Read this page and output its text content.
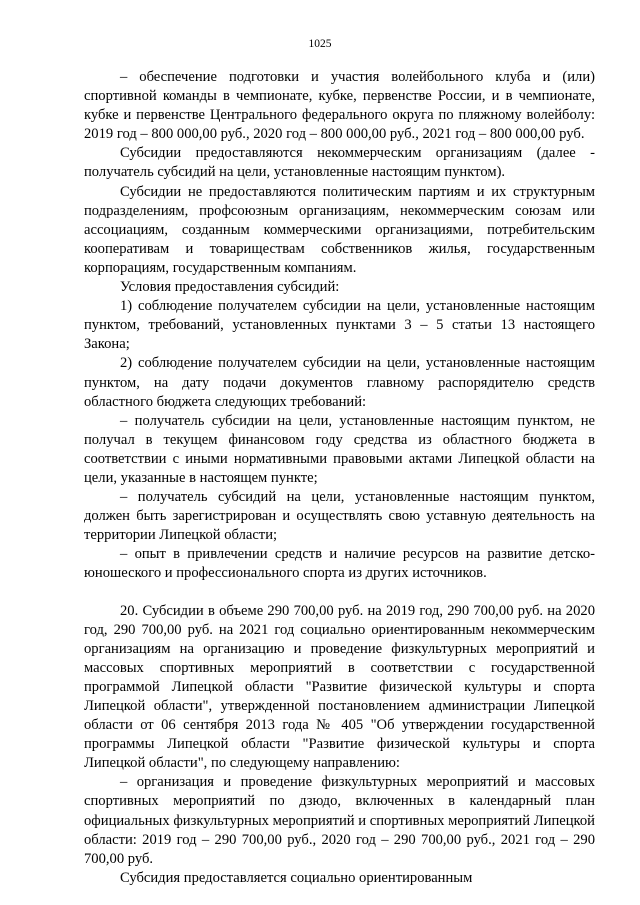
1025

– обеспечение подготовки и участия волейбольного клуба и (или) спортивной команды в чемпионате, кубке, первенстве России, и в чемпионате, кубке и первенстве Центрального федерального округа по пляжному волейболу: 2019 год – 800 000,00 руб., 2020 год – 800 000,00 руб., 2021 год – 800 000,00 руб.

Субсидии предоставляются некоммерческим организациям (далее - получатель субсидий на цели, установленные настоящим пунктом).

Субсидии не предоставляются политическим партиям и их структурным подразделениям, профсоюзным организациям, некоммерческим союзам или ассоциациям, созданным коммерческими организациями, потребительским кооперативам и товариществам собственников жилья, государственным корпорациям, государственным компаниям.

Условия предоставления субсидий:

1) соблюдение получателем субсидии на цели, установленные настоящим пунктом, требований, установленных пунктами 3 – 5 статьи 13 настоящего Закона;

2) соблюдение получателем субсидии на цели, установленные настоящим пунктом, на дату подачи документов главному распорядителю средств областного бюджета следующих требований:

– получатель субсидии на цели, установленные настоящим пунктом, не получал в текущем финансовом году средства из областного бюджета в соответствии с иными нормативными правовыми актами Липецкой области на цели, указанные в настоящем пункте;

– получатель субсидий на цели, установленные настоящим пунктом, должен быть зарегистрирован и осуществлять свою уставную деятельность на территории Липецкой области;

– опыт в привлечении средств и наличие ресурсов на развитие детско-юношеского и профессионального спорта из других источников.

20. Субсидии в объеме 290 700,00 руб. на 2019 год, 290 700,00 руб. на 2020 год, 290 700,00 руб. на 2021 год социально ориентированным некоммерческим организациям на организацию и проведение физкультурных мероприятий и массовых спортивных мероприятий в соответствии с государственной программой Липецкой области "Развитие физической культуры и спорта Липецкой области", утвержденной постановлением администрации Липецкой области от 06 сентября 2013 года № 405 "Об утверждении государственной программы Липецкой области "Развитие физической культуры и спорта Липецкой области", по следующему направлению:

– организация и проведение физкультурных мероприятий и массовых спортивных мероприятий по дзюдо, включенных в календарный план официальных физкультурных мероприятий и спортивных мероприятий Липецкой области: 2019 год – 290 700,00 руб., 2020 год – 290 700,00 руб., 2021 год – 290 700,00 руб.

Субсидия предоставляется социально ориентированным
